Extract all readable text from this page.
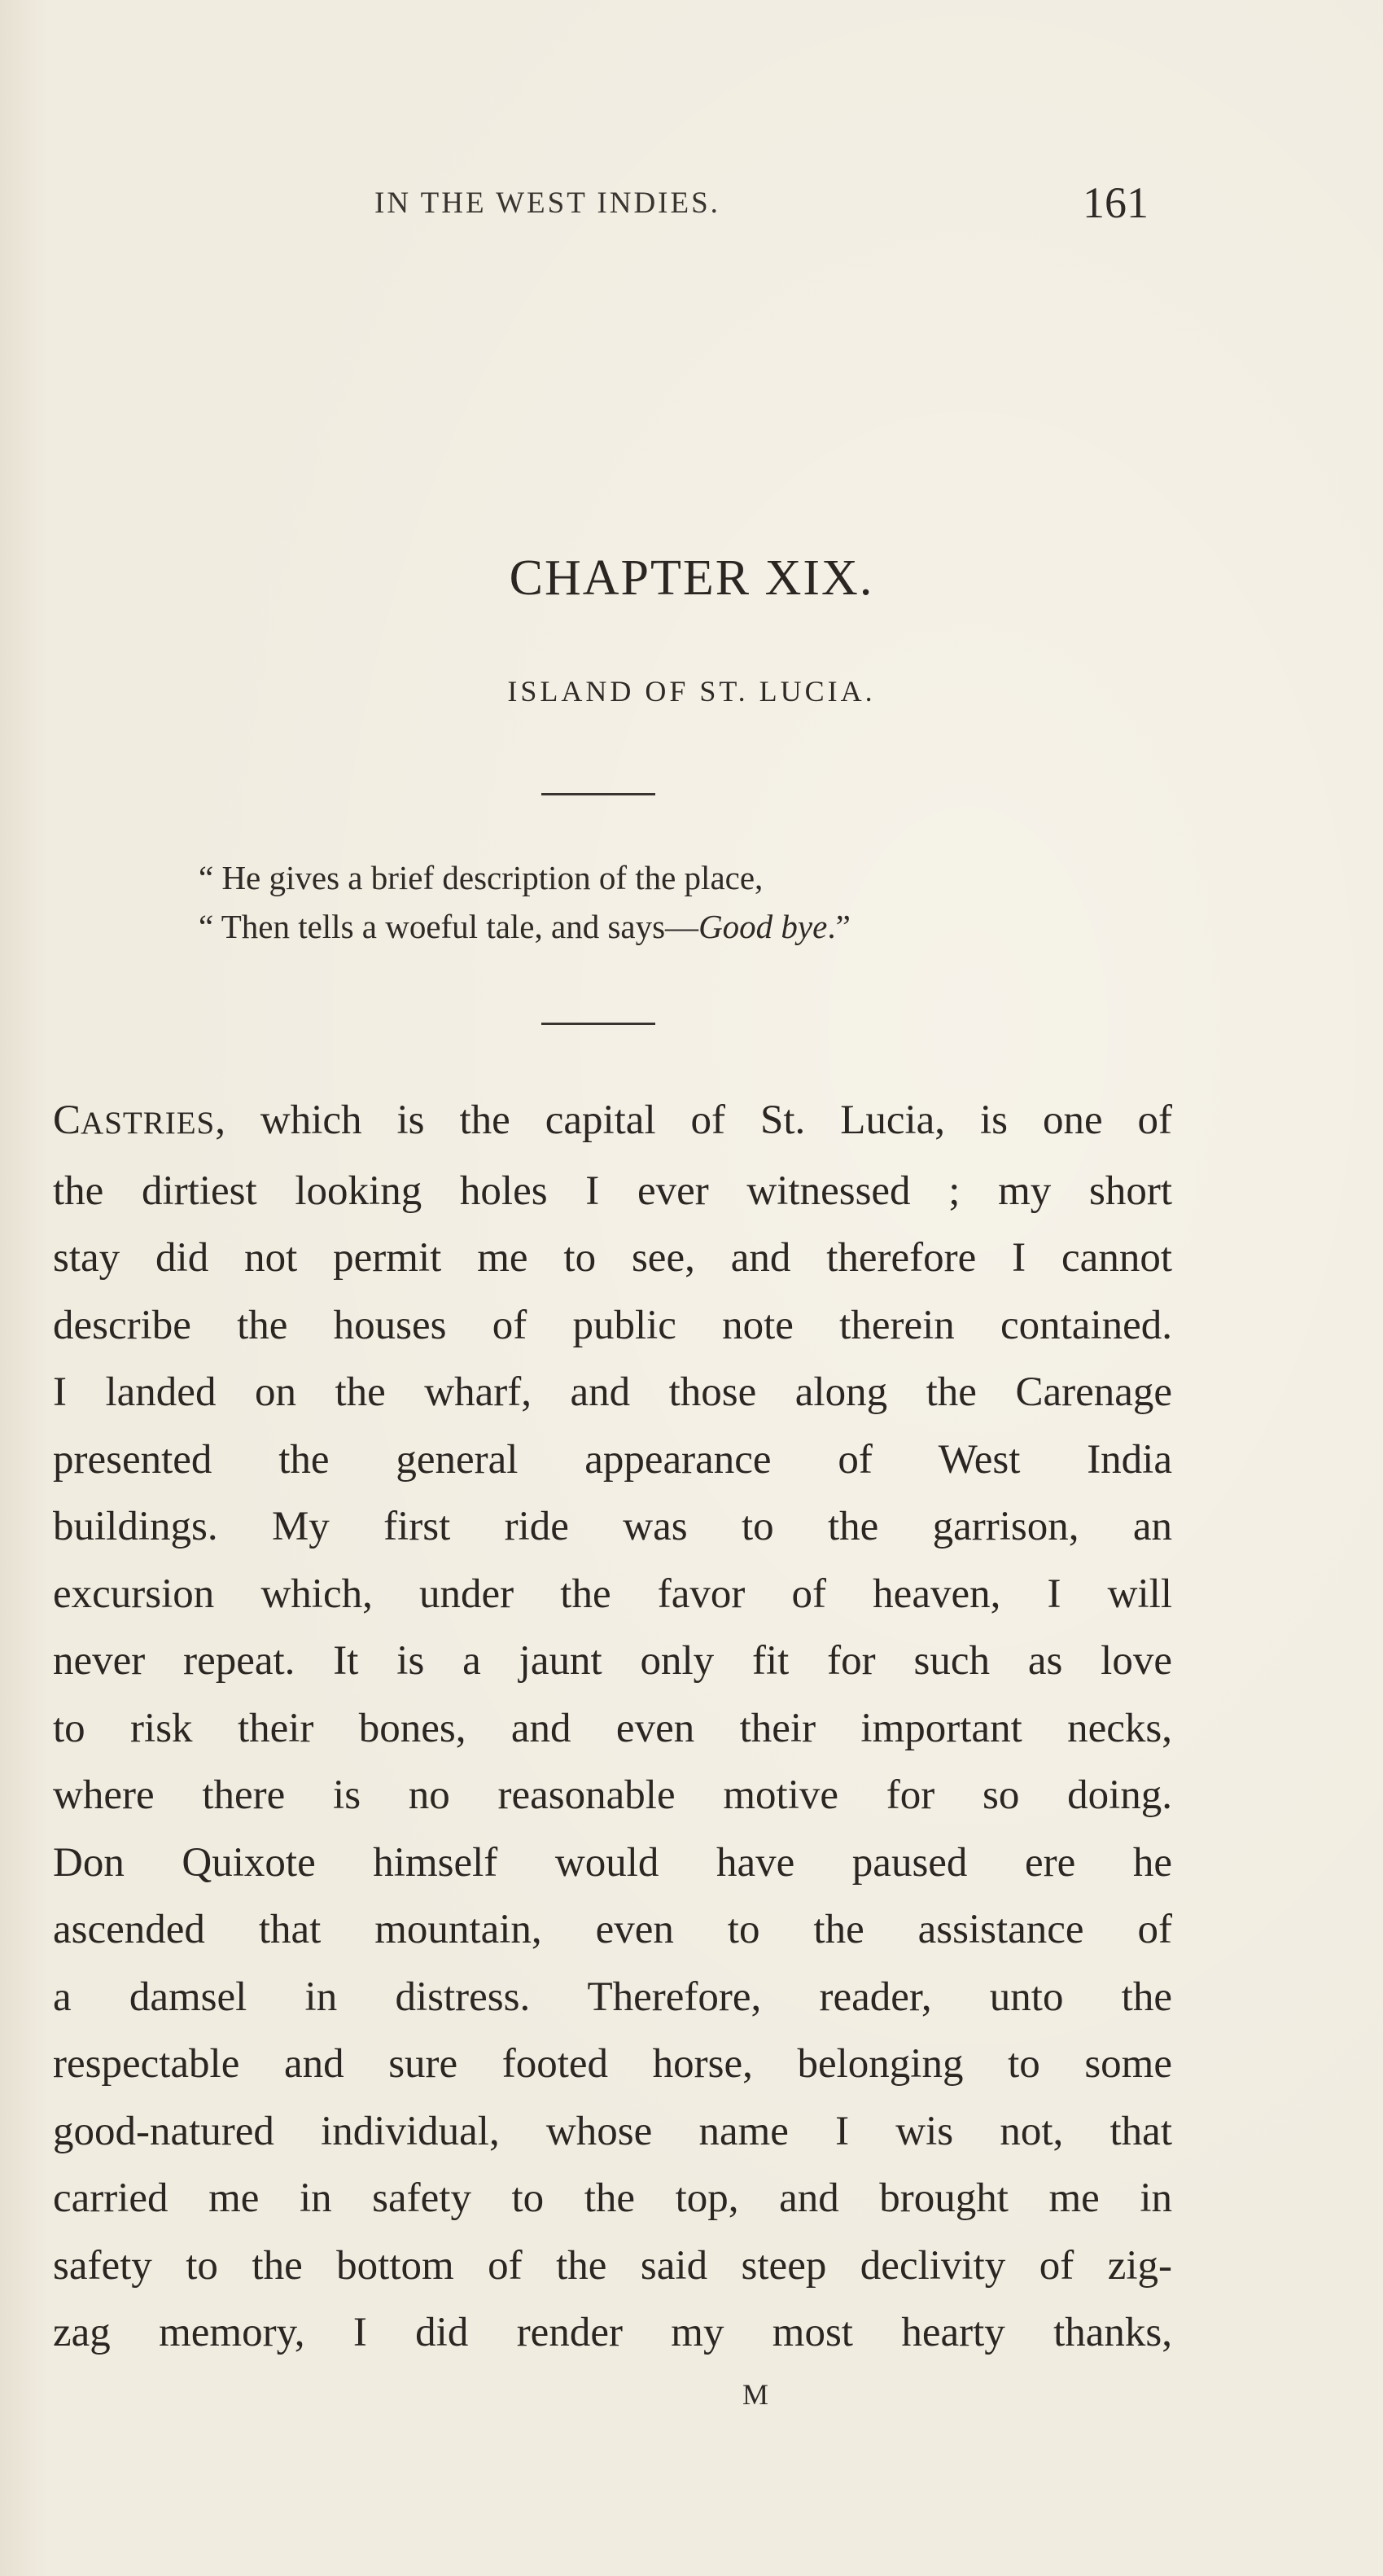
IN THE WEST INDIES.	161
CHAPTER XIX.
ISLAND OF ST. LUCIA.
“ He gives a brief description of the place,
“ Then tells a woeful tale, and says—Good bye.”
CASTRIES, which is the capital of St. Lucia, is one of
the dirtiest looking holes I ever witnessed ; my short
stay did not permit me to see, and therefore I cannot
describe the houses of public note therein contained.
I landed on the wharf, and those along the Carenage
presented the general appearance of West India
buildings. My first ride was to the garrison, an
excursion which, under the favor of heaven, I will
never repeat. It is a jaunt only fit for such as love
to risk their bones, and even their important necks,
where there is no reasonable motive for so doing.
Don Quixote himself would have paused ere he
ascended that mountain, even to the assistance of
a damsel in distress. Therefore, reader, unto the
respectable and sure footed horse, belonging to some
good-natured individual, whose name I wis not, that
carried me in safety to the top, and brought me in
safety to the bottom of the said steep declivity of zig-
zag memory, I did render my most hearty thanks,
M
